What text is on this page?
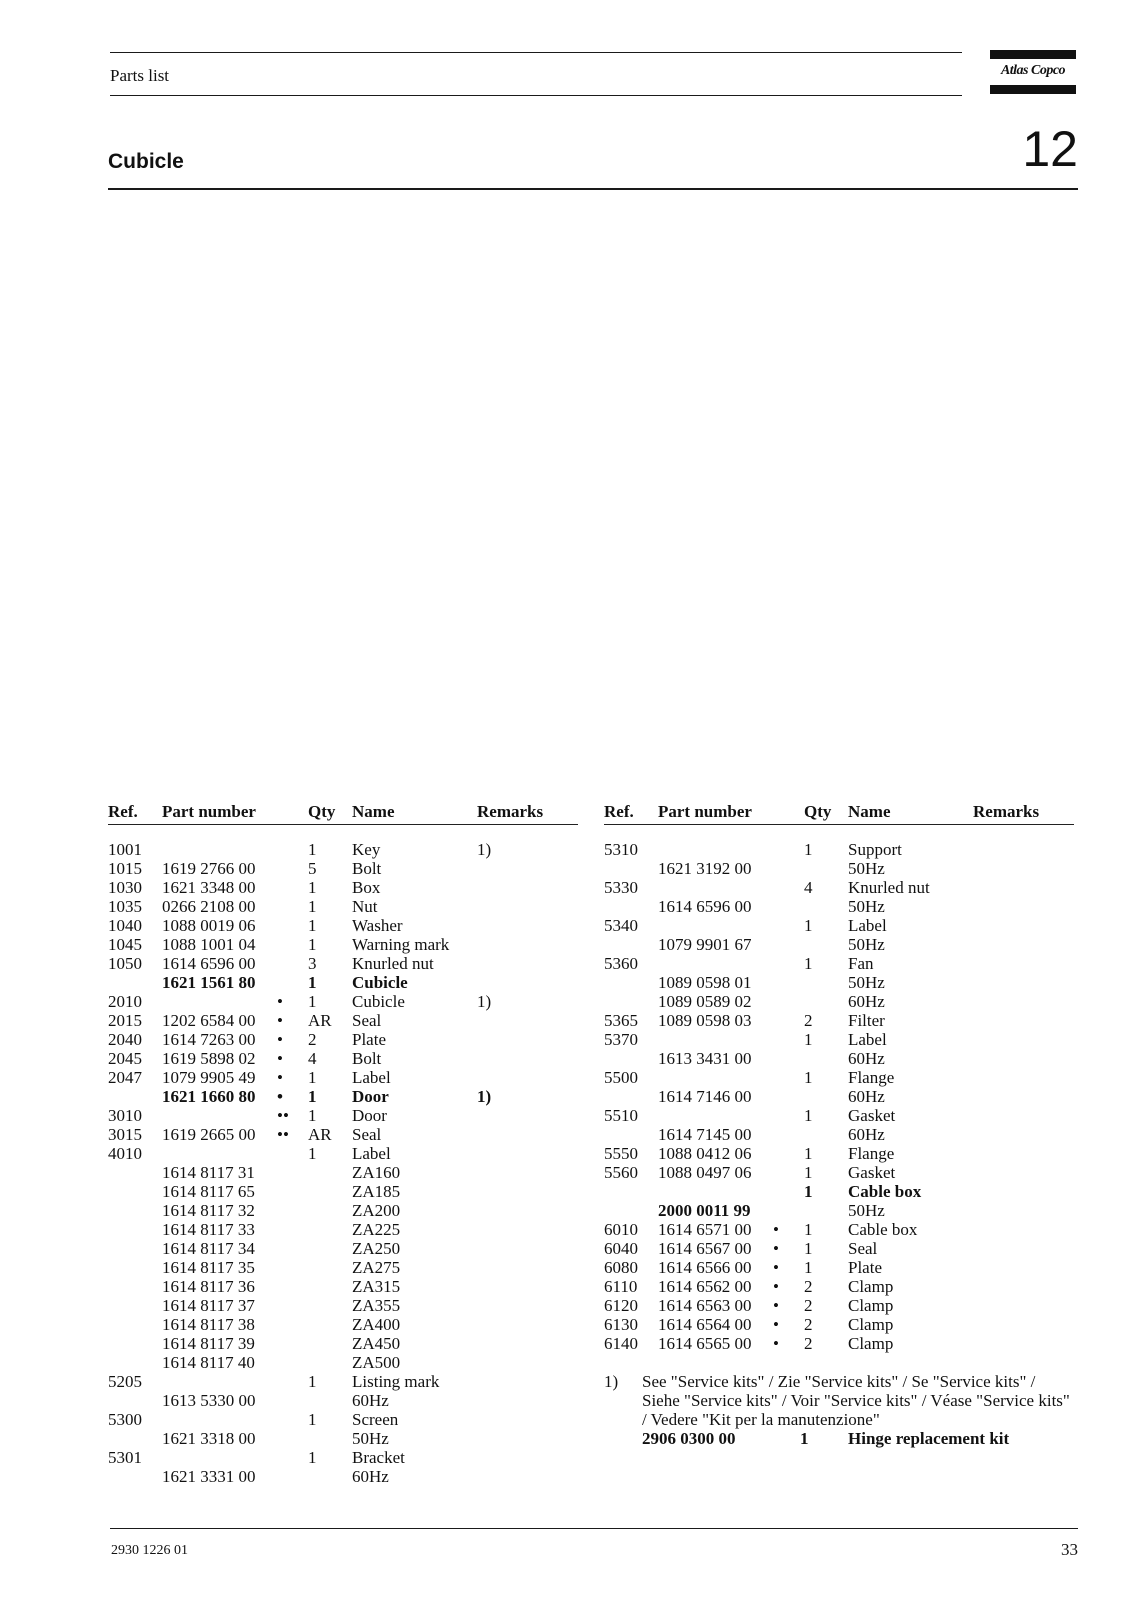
Parts list	Atlas Copco
Cubicle	12
Ref. Part number	Qty Name	Remarks
1001	1 Key	1)
1015 1619 2766 00	5 Bolt
1030 1621 3348 00	1 Box
1035 0266 2108 00	1 Nut
1040 1088 0019 06	1 Washer
1045 1088 1001 04	1 Warning mark
1050 1614 6596 00	3 Knurled nut
1621 1561 80	1 Cubicle
2010	• 1 Cubicle	1)
2015 1202 6584 00 • AR Seal
2040 1614 7263 00 • 2 Plate
2045 1619 5898 02 • 4 Bolt
2047 1079 9905 49 • 1 Label
1621 1660 80 • 1 Door	1)
3010	•• 1 Door
3015 1619 2665 00 •• AR Seal
4010	1 Label
1614 8117 31	ZA160
1614 8117 65	ZA185
1614 8117 32	ZA200
1614 8117 33	ZA225
1614 8117 34	ZA250
1614 8117 35	ZA275
1614 8117 36	ZA315
1614 8117 37	ZA355
1614 8117 38	ZA400
1614 8117 39	ZA450
1614 8117 40	ZA500
5205	1 Listing mark
1613 5330 00	60Hz
5300	1 Screen
1621 3318 00	50Hz
5301	1 Bracket
1621 3331 00	60Hz
Ref. Part number	Qty Name	Remarks
5310	1 Support
1621 3192 00	50Hz
5330	4 Knurled nut
1614 6596 00	50Hz
5340	1 Label
1079 9901 67	50Hz
5360	1 Fan
1089 0598 01	50Hz
1089 0589 02	60Hz
5365 1089 0598 03	2 Filter
5370	1 Label
1613 3431 00	60Hz
5500	1 Flange
1614 7146 00	60Hz
5510	1 Gasket
1614 7145 00	60Hz
5550 1088 0412 06	1 Flange
5560 1088 0497 06	1 Gasket
1 Cable box
2000 0011 99	50Hz
6010 1614 6571 00 • 1 Cable box
6040 1614 6567 00 • 1 Seal
6080 1614 6566 00 • 1 Plate
6110 1614 6562 00 • 2 Clamp
6120 1614 6563 00 • 2 Clamp
6130 1614 6564 00 • 2 Clamp
6140 1614 6565 00 • 2 Clamp
1) See "Service kits" / Zie "Service kits" / Se "Service kits" / Siehe "Service kits" / Voir "Service kits" / Véase "Service kits" / Vedere "Kit per la manutenzione"
2906 0300 00	1 Hinge replacement kit
2930 1226 01	33
